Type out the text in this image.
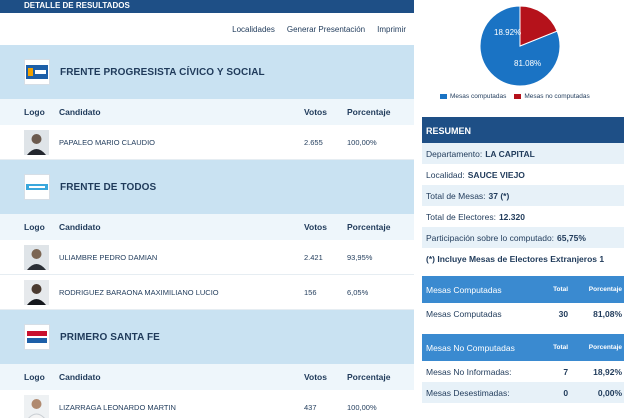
DETALLE DE RESULTADOS
Localidades Generar Presentación Imprimir
FRENTE PROGRESISTA CÍVICO Y SOCIAL
Logo	Candidato	Votos	Porcentaje
PAPALEO MARIO CLAUDIO	2.655	100,00%
FRENTE DE TODOS
Logo	Candidato	Votos	Porcentaje
ULIAMBRE PEDRO DAMIAN	2.421	93,95%
RODRIGUEZ BARAONA MAXIMILIANO LUCIO	156	6,05%
PRIMERO SANTA FE
Logo	Candidato	Votos	Porcentaje
LIZARRAGA LEONARDO MARTIN	437	100,00%
18.92%
81.08%
Mesas computadas	Mesas no computadas
RESUMEN
Departamento: LA CAPITAL
Localidad: SAUCE VIEJO
Total de Mesas: 37 (*)
Total de Electores: 12.320
Participación sobre lo computado: 65,75%
(*) Incluye Mesas de Electores Extranjeros 1
Mesas Computadas	Total	Porcentaje
Mesas Computadas	30	81,08%
Mesas No Computadas	Total	Porcentaje
Mesas No Informadas:	7	18,92%
Mesas Desestimadas:	0	0,00%
